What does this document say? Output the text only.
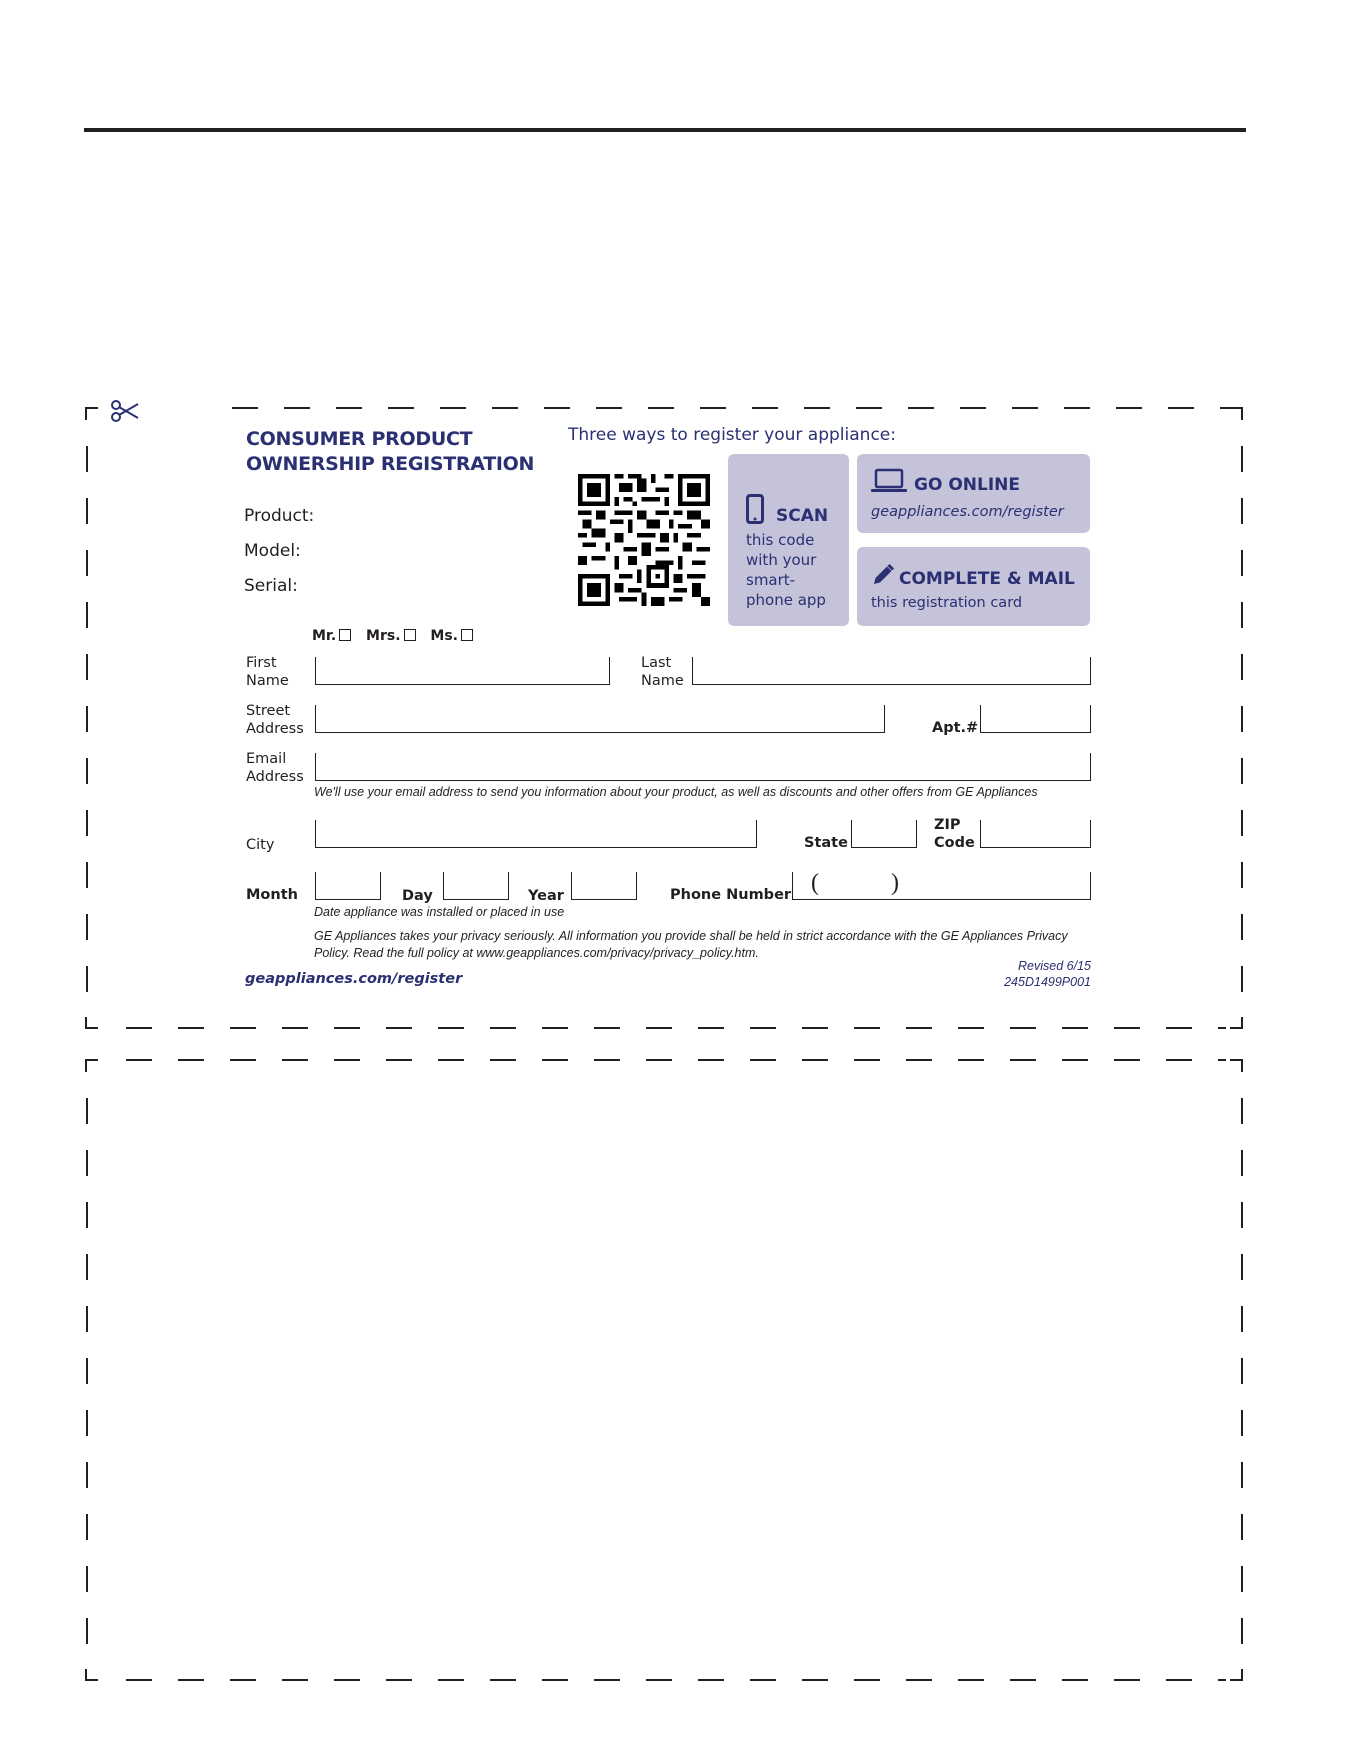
CONSUMER PRODUCT
OWNERSHIP REGISTRATION
Three ways to register your appliance:
Product:
Model:
Serial:
SCAN
this code
with your
smart-
phone app
GO ONLINE
geappliances.com/register
COMPLETE & MAIL
this registration card
Mr. Mrs. Ms.
First
Name
Last
Name
Street
Address	Apt.#
Email
Address
We'll use your email address to send you information about your product, as well as discounts and other offers from GE Appliances
City	State
ZIP
Code
Month	Day	Year	Phone Number (	)
Date appliance was installed or placed in use
GE Appliances takes your privacy seriously. All information you provide shall be held in strict accordance with the GE Appliances Privacy Policy. Read the full policy at www.geappliances.com/privacy/privacy_policy.htm.
Revised 6/15
245D1499P001
geappliances.com/register
